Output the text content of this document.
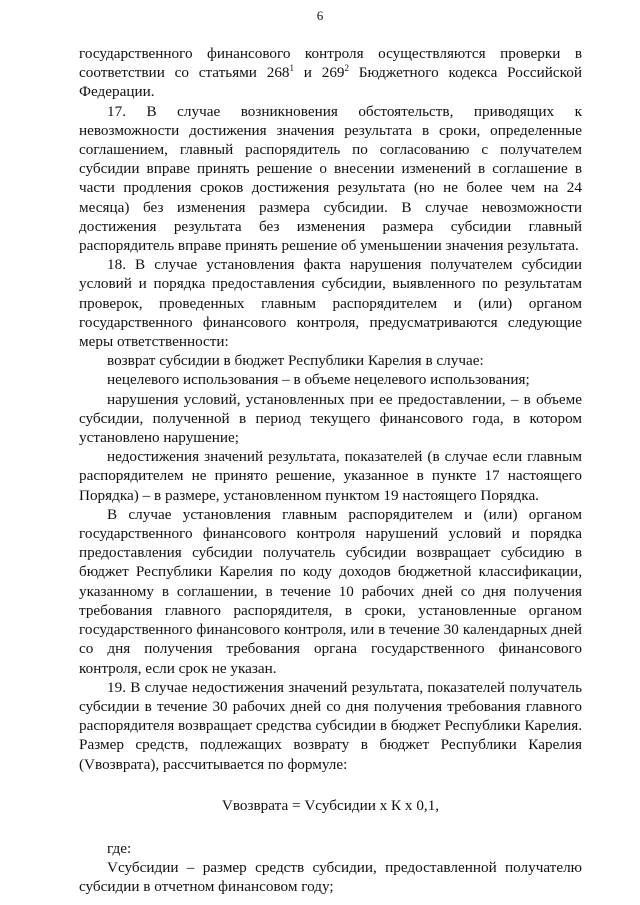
6

государственного финансового контроля осуществляются проверки в соответствии со статьями $268^1$ и $269^2$ Бюджетного кодекса Российской Федерации.

17. В случае возникновения обстоятельств, приводящих к невозможности достижения значения результата в сроки, определенные соглашением, главный распорядитель по согласованию с получателем субсидии вправе принять решение о внесении изменений в соглашение в части продления сроков достижения результата (но не более чем на 24 месяца) без изменения размера субсидии. В случае невозможности достижения результата без изменения размера субсидии главный распорядитель вправе принять решение об уменьшении значения результата.

18. В случае установления факта нарушения получателем субсидии условий и порядка предоставления субсидии, выявленного по результатам проверок, проведенных главным распорядителем и (или) органом государственного финансового контроля, предусматриваются следующие меры ответственности:

возврат субсидии в бюджет Республики Карелия в случае:

нецелевого использования – в объеме нецелевого использования;

нарушения условий, установленных при ее предоставлении, – в объеме субсидии, полученной в период текущего финансового года, в котором установлено нарушение;

недостижения значений результата, показателей (в случае если главным распорядителем не принято решение, указанное в пункте 17 настоящего Порядка) – в размере, установленном пунктом 19 настоящего Порядка.

В случае установления главным распорядителем и (или) органом государственного финансового контроля нарушений условий и порядка предоставления субсидии получатель субсидии возвращает субсидию в бюджет Республики Карелия по коду доходов бюджетной классификации, указанному в соглашении, в течение 10 рабочих дней со дня получения требования главного распорядителя, в сроки, установленные органом государственного финансового контроля, или в течение 30 календарных дней со дня получения требования органа государственного финансового контроля, если срок не указан.

19. В случае недостижения значений результата, показателей получатель субсидии в течение 30 рабочих дней со дня получения требования главного распорядителя возвращает средства субсидии в бюджет Республики Карелия. Размер средств, подлежащих возврату в бюджет Республики Карелия (Vвозврата), рассчитывается по формуле:

Vвозврата = Vсубсидии х К х 0,1,

где:

Vсубсидии – размер средств субсидии, предоставленной получателю субсидии в отчетном финансовом году;
